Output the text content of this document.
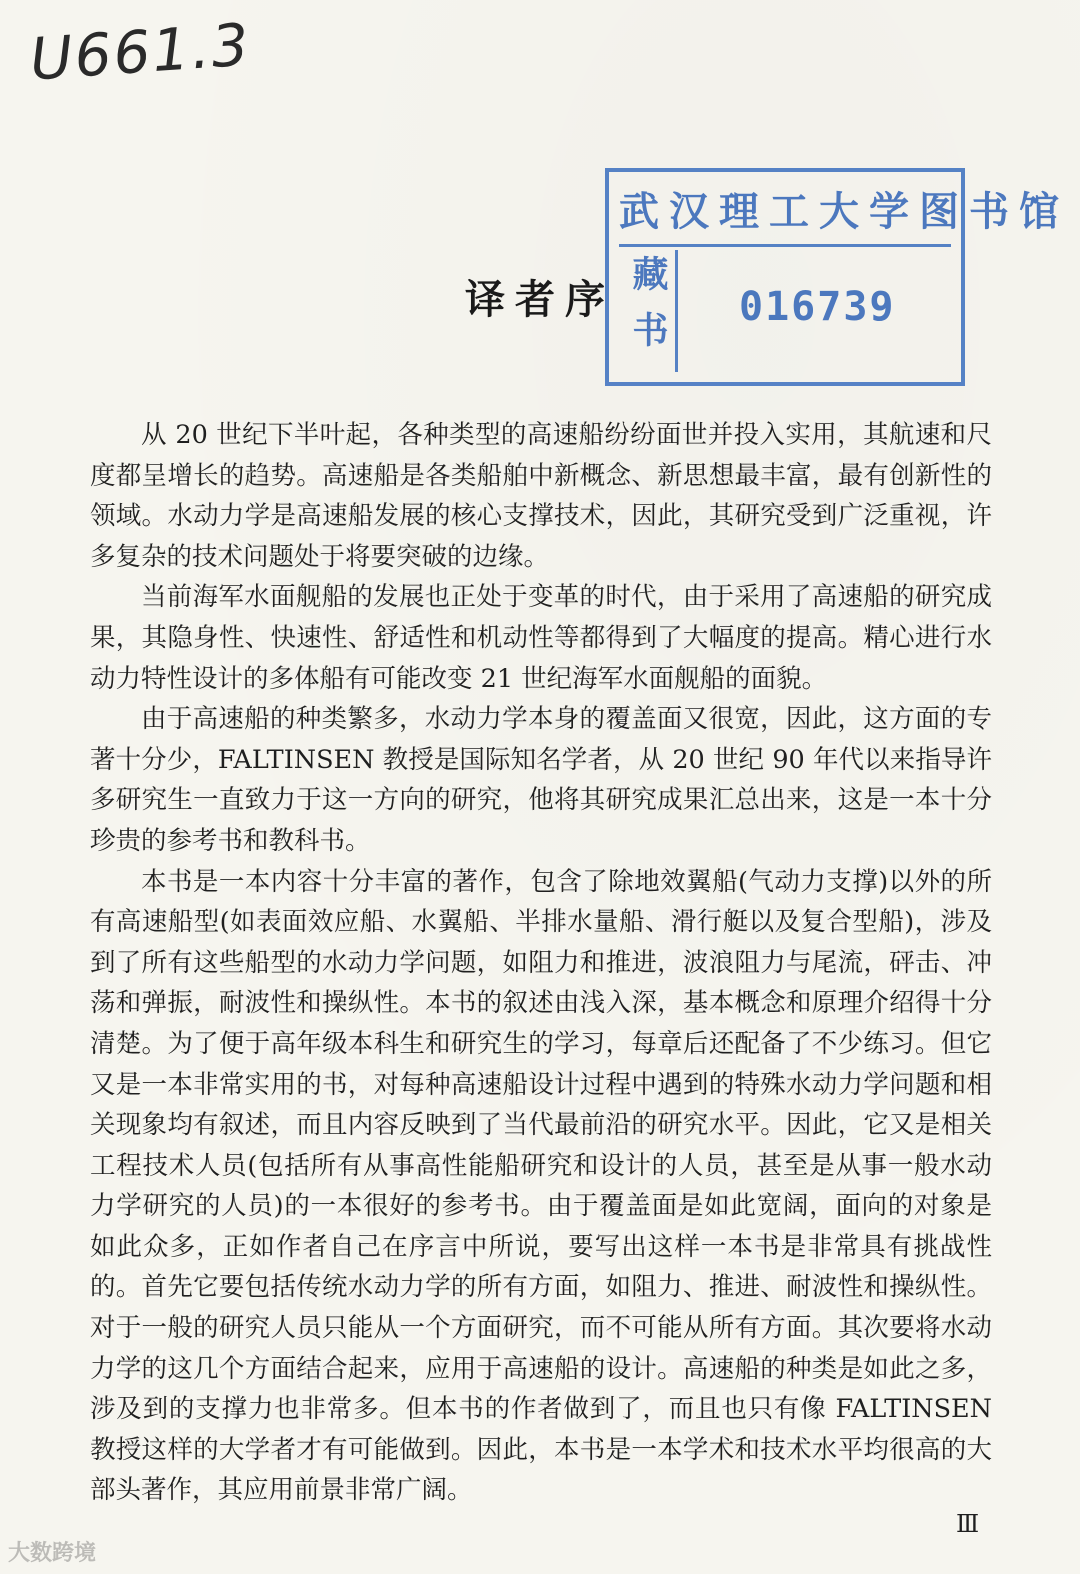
U661.3
译者序
武汉理工大学图书馆
藏书 016739

从 20 世纪下半叶起，各种类型的高速船纷纷面世并投入实用，其航速和尺度都呈增长的趋势。高速船是各类船舶中新概念、新思想最丰富，最有创新性的领域。水动力学是高速船发展的核心支撑技术，因此，其研究受到广泛重视，许多复杂的技术问题处于将要突破的边缘。

当前海军水面舰船的发展也正处于变革的时代，由于采用了高速船的研究成果，其隐身性、快速性、舒适性和机动性等都得到了大幅度的提高。精心进行水动力特性设计的多体船有可能改变 21 世纪海军水面舰船的面貌。

由于高速船的种类繁多，水动力学本身的覆盖面又很宽，因此，这方面的专著十分少，FALTINSEN 教授是国际知名学者，从 20 世纪 90 年代以来指导许多研究生一直致力于这一方向的研究，他将其研究成果汇总出来，这是一本十分珍贵的参考书和教科书。

本书是一本内容十分丰富的著作，包含了除地效翼船(气动力支撑)以外的所有高速船型(如表面效应船、水翼船、半排水量船、滑行艇以及复合型船)，涉及到了所有这些船型的水动力学问题，如阻力和推进，波浪阻力与尾流，砰击、冲荡和弹振，耐波性和操纵性。本书的叙述由浅入深，基本概念和原理介绍得十分清楚。为了便于高年级本科生和研究生的学习，每章后还配备了不少练习。但它又是一本非常实用的书，对每种高速船设计过程中遇到的特殊水动力学问题和相关现象均有叙述，而且内容反映到了当代最前沿的研究水平。因此，它又是相关工程技术人员(包括所有从事高性能船研究和设计的人员，甚至是从事一般水动力学研究的人员)的一本很好的参考书。由于覆盖面是如此宽阔，面向的对象是如此众多，正如作者自己在序言中所说，要写出这样一本书是非常具有挑战性的。首先它要包括传统水动力学的所有方面，如阻力、推进、耐波性和操纵性。对于一般的研究人员只能从一个方面研究，而不可能从所有方面。其次要将水动力学的这几个方面结合起来，应用于高速船的设计。高速船的种类是如此之多，涉及到的支撑力也非常多。但本书的作者做到了，而且也只有像 FALTINSEN 教授这样的大学者才有可能做到。因此，本书是一本学术和技术水平均很高的大部头著作，其应用前景非常广阔。

Ⅲ
大数跨境
